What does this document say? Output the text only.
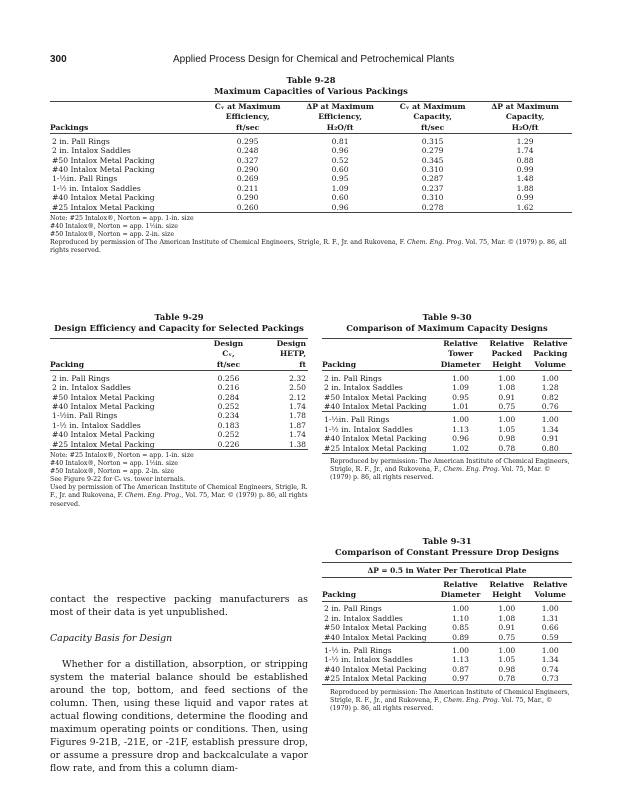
300	Applied Process Design for Chemical and Petrochemical Plants
Table 9-28
Maximum Capacities of Various Packings
	Cᵥ at Maximum	ΔP at Maximum	Cᵥ at Maximum	ΔP at Maximum
	Efficiency,	Efficiency,	Capacity,	Capacity,
Packings	ft/sec	H₂O/ft	ft/sec	H₂O/ft

2 in. Pall Rings	0.295	0.81	0.315	1.29
2 in. Intalox Saddles	0.248	0.96	0.279	1.74
#50 Intalox Metal Packing	0.327	0.52	0.345	0.88
#40 Intalox Metal Packing	0.290	0.60	0.310	0.99
1-½in. Pall Rings	0.269	0.95	0.287	1.48
1-½ in. Intalox Saddles	0.211	1.09	0.237	1.88
#40 Intalox Metal Packing	0.290	0.60	0.310	0.99
#25 Intalox Metal Packing	0.260	0.96	0.278	1.62

Note: #25 Intalox®, Norton = app. 1-in. size

#40 Intalox®, Norton = app. 1½in. size

#50 Intalox®, Norton = app. 2-in. size

Reproduced by permission of The American Institute of Chemical Engineers, Strigle, R. F., Jr. and Rukovena, F. Chem. Eng. Prog. Vol. 75, Mar. © (1979) p. 86, all rights reserved.

Table 9-29
Design Efficiency and Capacity for Selected Packings
	Design	Design
	Cᵥ,	HETP,
Packing	ft/sec	ft

2 in. Pall Rings	0.256	2.32
2 in. Intalox Saddles	0.216	2.50
#50 Intalox Metal Packing	0.284	2.12
#40 Intalox Metal Packing	0.252	1.74
1-½in. Pall Rings	0.234	1.78
1-½ in. Intalox Saddles	0.183	1.87
#40 Intalox Metal Packing	0.252	1.74
#25 Intalox Metal Packing	0.226	1.38

Note: #25 Intalox®, Norton = app. 1-in. size

#40 Intalox®, Norton = app. 1½in. size

#50 Intalox®, Norton = app. 2-in. size

See Figure 9-22 for Cᵥ vs. tower internals.

Used by permission of The American Institute of Chemical Engineers, Strigle, R. F., Jr. and Rukovena, F. Chem. Eng. Prog., Vol. 75, Mar. © (1979) p. 86, all rights reserved.

Table 9-30
Comparison of Maximum Capacity Designs
	Relative	Relative	Relative
	Tower	Packed	Packing
Packing	Diameter	Height	Volume

2 in. Pall Rings	1.00	1.00	1.00
2 in. Intalox Saddles	1.09	1.08	1.28
#50 Intalox Metal Packing	0.95	0.91	0.82
#40 Intalox Metal Packing	1.01	0.75	0.76
1-½in. Pall Rings	1.00	1.00	1.00
1-½ in. Intalox Saddles	1.13	1.05	1.34
#40 Intalox Metal Packing	0.96	0.98	0.91
#25 Intalox Metal Packing	1.02	0.78	0.80

Reproduced by permission: The American Institute of Chemical Engineers, Strigle, R. F., Jr., and Rukovena, F., Chem. Eng. Prog. Vol. 75, Mar. © (1979) p. 86, all rights reserved.

Table 9-31
Comparison of Constant Pressure Drop Designs
ΔP = 0.5 in Water Per Therotical Plate
	Relative	Relative	Relative
Packing	Diameter	Height	Volume

2 in. Pall Rings	1.00	1.00	1.00
2 in. Intalox Saddles	1.10	1.08	1.31
#50 Intalox Metal Packing	0.85	0.91	0.66
#40 Intalox Metal Packing	0.89	0.75	0.59
1-½ in. Pall Rings	1.00	1.00	1.00
1-½ in. Intalox Saddles	1.13	1.05	1.34
#40 Intalox Metal Packing	0.87	0.98	0.74
#25 Intalox Metal Packing	0.97	0.78	0.73

Reproduced by permission: The American Institute of Chemical Engineers, Strigle, R. F., Jr., and Rukovena, F., Chem. Eng. Prog. Vol. 75, Mar., © (1979) p. 86, all rights reserved.

contact the respective packing manufacturers as most of their data is yet unpublished.

Capacity Basis for Design

Whether for a distillation, absorption, or stripping system the material balance should be established around the top, bottom, and feed sections of the column. Then, using these liquid and vapor rates at actual flowing conditions, determine the flooding and maximum operating points or conditions. Then, using Figures 9-21B, -21E, or -21F, establish pressure drop, or assume a pressure drop and backcalculate a vapor flow rate, and from this a column diam-
